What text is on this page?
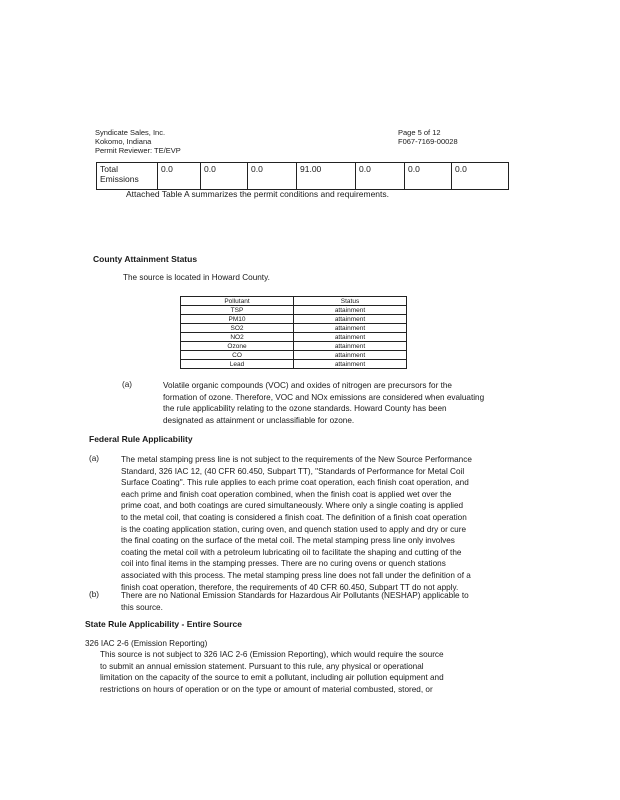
Syndicate Sales, Inc.
Kokomo, Indiana
Permit Reviewer: TE/EVP
Page 5 of 12
F067-7169-00028
Total Emissions	0.0	0.0	0.0	91.00	0.0	0.0	0.0
Attached Table A summarizes the permit conditions and requirements.
County Attainment Status
The source is located in Howard County.
Pollutant	Status
TSP	attainment
PM10	attainment
SO2	attainment
NO2	attainment
Ozone	attainment
CO	attainment
Lead	attainment
(a)	Volatile organic compounds (VOC) and oxides of nitrogen are precursors for the
formation of ozone. Therefore, VOC and NOx emissions are considered when evaluating
the rule applicability relating to the ozone standards. Howard County has been
designated as attainment or unclassifiable for ozone.
Federal Rule Applicability
(a)	The metal stamping press line is not subject to the requirements of the New Source Performance
Standard, 326 IAC 12, (40 CFR 60.450, Subpart TT), "Standards of Performance for Metal Coil
Surface Coating". This rule applies to each prime coat operation, each finish coat operation, and
each prime and finish coat operation combined, when the finish coat is applied wet over the
prime coat, and both coatings are cured simultaneously. Where only a single coating is applied
to the metal coil, that coating is considered a finish coat. The definition of a finish coat operation
is the coating application station, curing oven, and quench station used to apply and dry or cure
the final coating on the surface of the metal coil. The metal stamping press line only involves
coating the metal coil with a petroleum lubricating oil to facilitate the shaping and cutting of the
coil into final items in the stamping presses. There are no curing ovens or quench stations
associated with this process. The metal stamping press line does not fall under the definition of a
finish coat operation, therefore, the requirements of 40 CFR 60.450, Subpart TT do not apply.
(b)	There are no National Emission Standards for Hazardous Air Pollutants (NESHAP) applicable to
this source.
State Rule Applicability - Entire Source
326 IAC 2-6 (Emission Reporting)
This source is not subject to 326 IAC 2-6 (Emission Reporting), which would require the source
to submit an annual emission statement. Pursuant to this rule, any physical or operational
limitation on the capacity of the source to emit a pollutant, including air pollution equipment and
restrictions on hours of operation or on the type or amount of material combusted, stored, or
